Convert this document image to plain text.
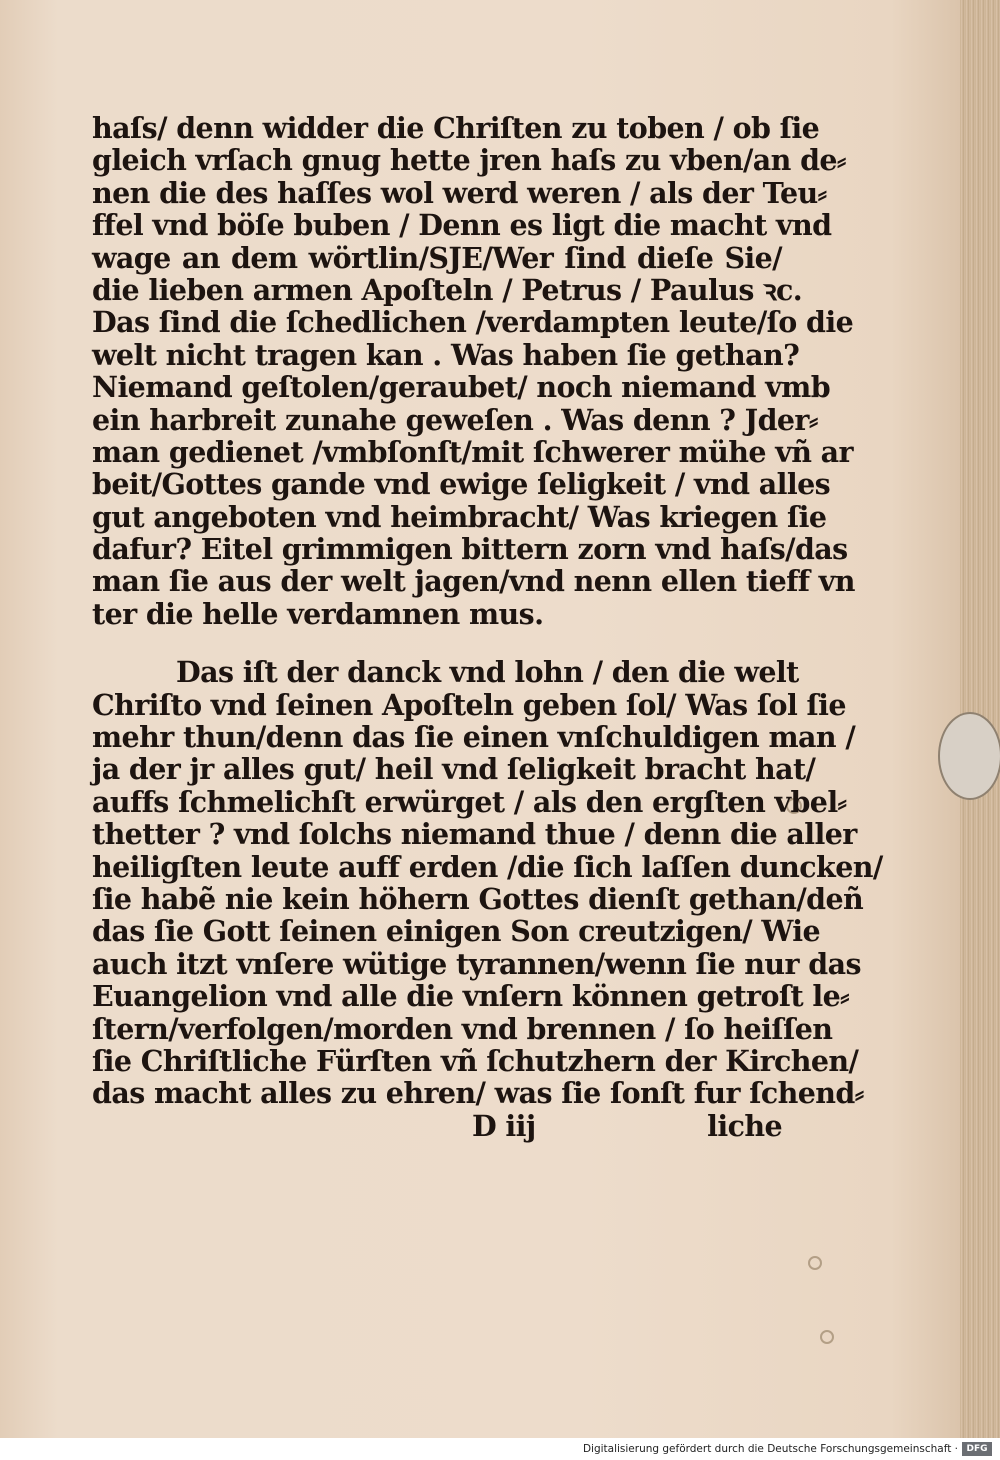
haſs/ denn widder die Chriſten zu toben / ob ſie
gleich vrſach gnug hette jren haſs zu vben/an de⸗
nen die des haſſes wol werd weren / als der Teu⸗
ffel vnd böſe buben / Denn es ligt die macht vnd
wage an dem wörtlin/SJE/Wer ſind dieſe Sie/
die lieben armen Apoſteln / Petrus / Paulus ꝛc.
Das ſind die ſchedlichen /verdampten leute/ſo die
welt nicht tragen kan . Was haben ſie gethan?
Niemand geſtolen/geraubet/ noch niemand vmb
ein harbreit zunahe geweſen . Was denn ? Jder⸗
man gedienet /vmbſonſt/mit ſchwerer mühe vñ ar
beit/Gottes gande vnd ewige ſeligkeit / vnd alles
gut angeboten vnd heimbracht/ Was kriegen ſie
dafur? Eitel grimmigen bittern zorn vnd haſs/das
man ſie aus der welt jagen/vnd nenn ellen tieff vn
ter die helle verdamnen mus.
Das iſt der danck vnd lohn / den die welt
Chriſto vnd ſeinen Apoſteln geben ſol/ Was ſol ſie
mehr thun/denn das ſie einen vnſchuldigen man /
ja der jr alles gut/ heil vnd ſeligkeit bracht hat/
auffs ſchmelichſt erwürget / als den ergſten vbel⸗
thetter ? vnd ſolchs niemand thue / denn die aller
heiligſten leute auff erden /die ſich laſſen duncken/
ſie habẽ nie kein höhern Gottes dienſt gethan/deñ
das ſie Gott ſeinen einigen Son creutzigen/ Wie
auch itzt vnſere wütige tyrannen/wenn ſie nur das
Euangelion vnd alle die vnſern können getroſt le⸗
ſtern/verfolgen/morden vnd brennen / ſo heiſſen
ſie Chriſtliche Fürſten vñ ſchutzhern der Kirchen/
das macht alles zu ehren/ was ſie ſonſt fur ſchend⸗
D iij	liche
Digitalisierung gefördert durch die Deutsche Forschungsgemeinschaft · DFG
